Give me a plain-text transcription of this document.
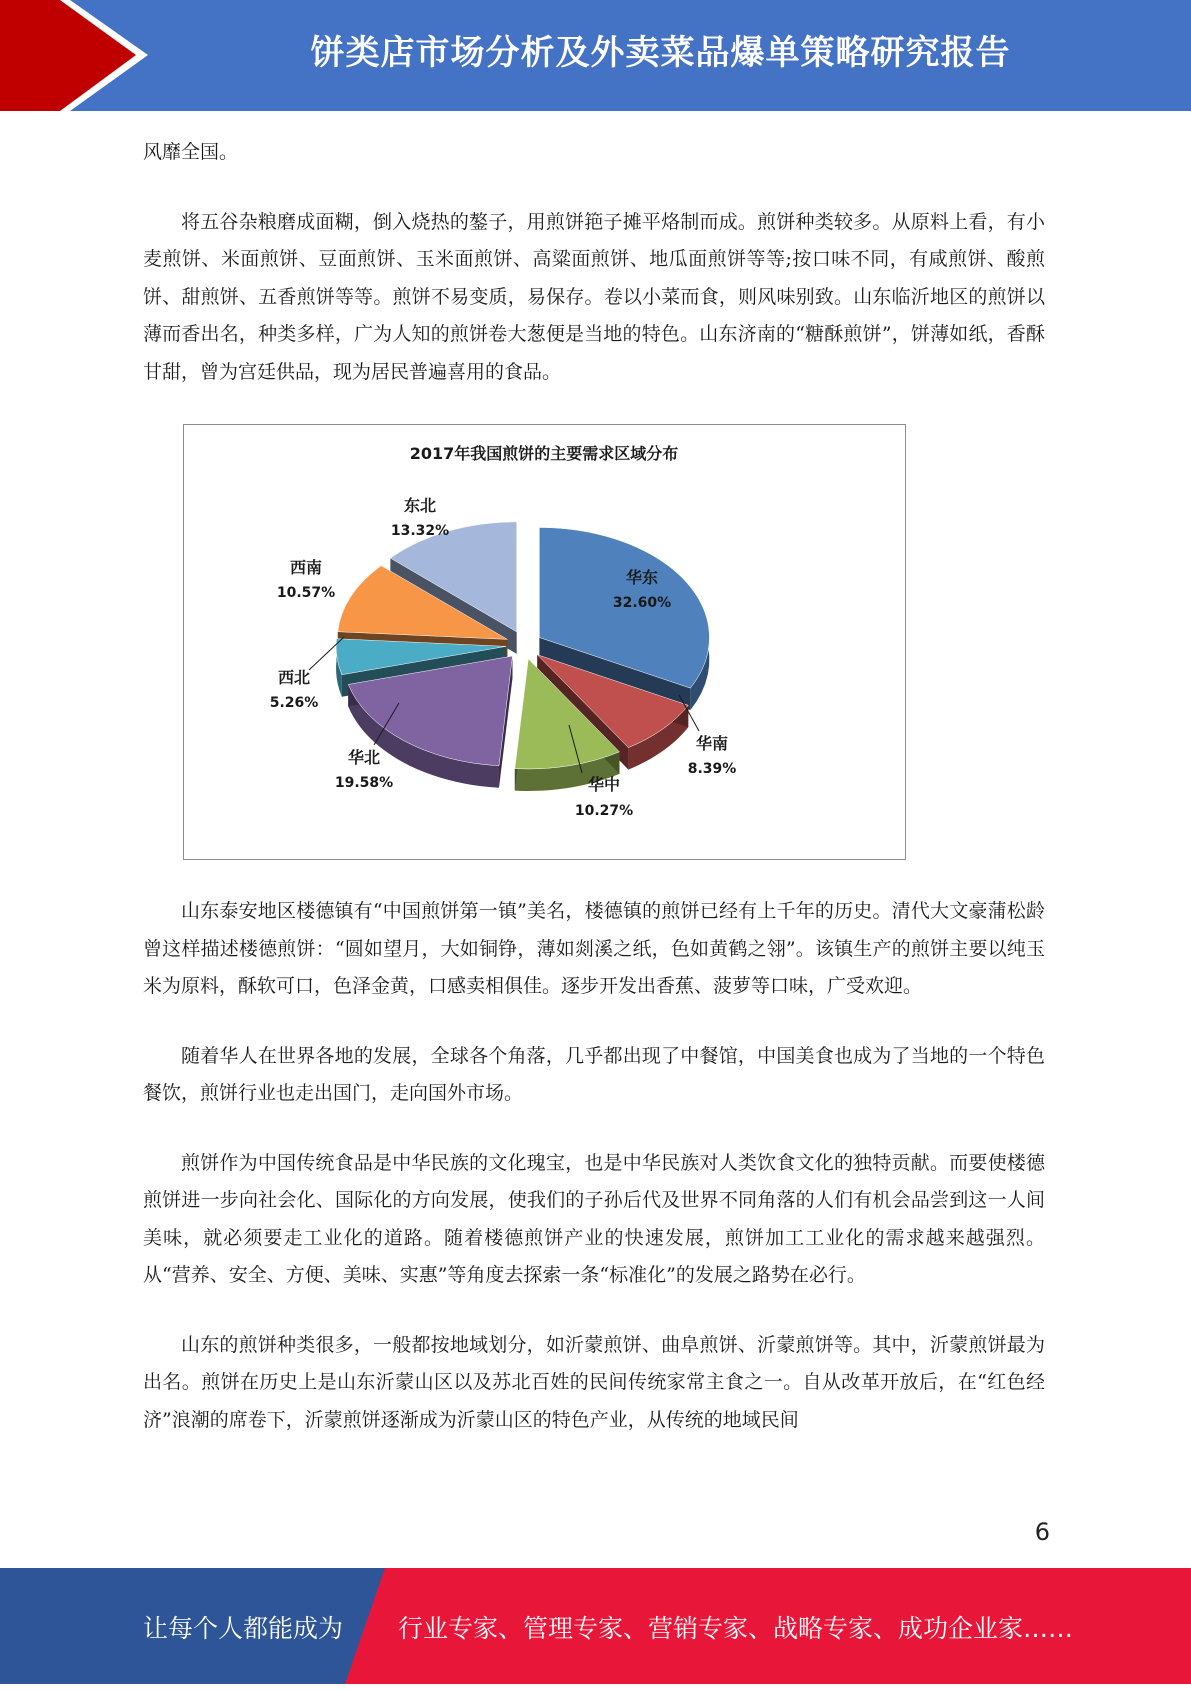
饼类店市场分析及外卖菜品爆单策略研究报告

风靡全国。

将五谷杂粮磨成面糊，倒入烧热的鏊子，用煎饼筢子摊平烙制而成。煎饼种类较多。从原料上看，有小麦煎饼、米面煎饼、豆面煎饼、玉米面煎饼、高粱面煎饼、地瓜面煎饼等等;按口味不同，有咸煎饼、酸煎饼、甜煎饼、五香煎饼等等。煎饼不易变质，易保存。卷以小菜而食，则风味别致。山东临沂地区的煎饼以薄而香出名，种类多样，广为人知的煎饼卷大葱便是当地的特色。山东济南的“糖酥煎饼”，饼薄如纸，香酥甘甜，曾为宫廷供品，现为居民普遍喜用的食品。

2017年我国煎饼的主要需求区域分布
华东
32.60%
华南
8.39%
华中
10.27%
华北
19.58%
西北
5.26%
西南
10.57%
东北
13.32%

山东泰安地区楼德镇有“中国煎饼第一镇”美名，楼德镇的煎饼已经有上千年的历史。清代大文豪蒲松龄曾这样描述楼德煎饼：“圆如望月，大如铜铮，薄如剡溪之纸，色如黄鹤之翎”。该镇生产的煎饼主要以纯玉米为原料，酥软可口，色泽金黄，口感卖相俱佳。逐步开发出香蕉、菠萝等口味，广受欢迎。

随着华人在世界各地的发展，全球各个角落，几乎都出现了中餐馆，中国美食也成为了当地的一个特色餐饮，煎饼行业也走出国门，走向国外市场。

煎饼作为中国传统食品是中华民族的文化瑰宝，也是中华民族对人类饮食文化的独特贡献。而要使楼德煎饼进一步向社会化、国际化的方向发展，使我们的子孙后代及世界不同角落的人们有机会品尝到这一人间美味，就必须要走工业化的道路。随着楼德煎饼产业的快速发展，煎饼加工工业化的需求越来越强烈。从“营养、安全、方便、美味、实惠”等角度去探索一条“标准化”的发展之路势在必行。

山东的煎饼种类很多，一般都按地域划分，如沂蒙煎饼、曲阜煎饼、沂蒙煎饼等。其中，沂蒙煎饼最为出名。煎饼在历史上是山东沂蒙山区以及苏北百姓的民间传统家常主食之一。自从改革开放后，在“红色经济”浪潮的席卷下，沂蒙煎饼逐渐成为沂蒙山区的特色产业，从传统的地域民间

6
让每个人都能成为 行业专家、管理专家、营销专家、战略专家、成功企业家……
